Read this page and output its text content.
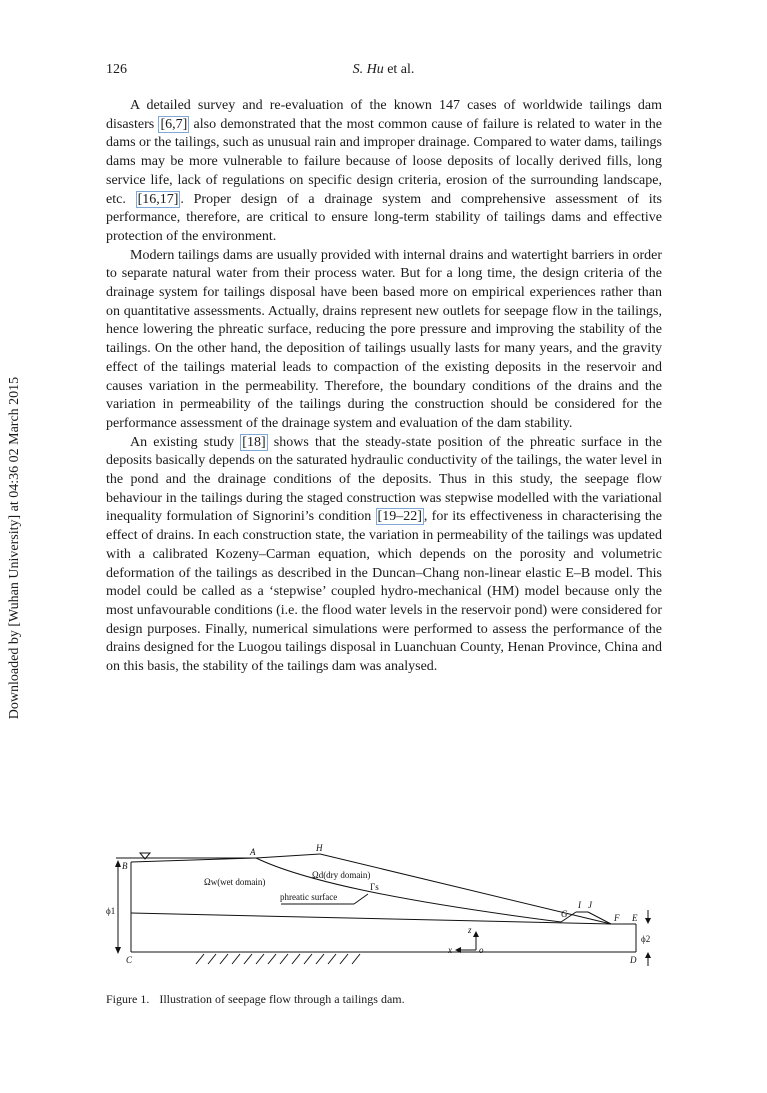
126	S. Hu et al.
Downloaded by [Wuhan University] at 04:36 02 March 2015

A detailed survey and re-evaluation of the known 147 cases of worldwide tailings dam disasters [6,7] also demonstrated that the most common cause of failure is related to water in the dams or the tailings, such as unusual rain and improper drainage. Compared to water dams, tailings dams may be more vulnerable to failure because of loose deposits of locally derived fills, long service life, lack of regulations on specific design criteria, erosion of the surrounding landscape, etc. [16,17] . Proper design of a drainage system and comprehensive assessment of its performance, therefore, are critical to ensure long-term stability of tailings dams and effective protection of the environment.

Modern tailings dams are usually provided with internal drains and watertight barriers in order to separate natural water from their process water. But for a long time, the design criteria of the drainage system for tailings disposal have been based more on empirical experiences rather than on quantitative assessments. Actually, drains represent new outlets for seepage flow in the tailings, hence lowering the phreatic surface, reducing the pore pressure and improving the stability of the tailings. On the other hand, the deposition of tailings usually lasts for many years, and the gravity effect of the tailings material leads to compaction of the existing deposits in the reservoir and causes variation in the permeability. Therefore, the boundary conditions of the drains and the variation in permeability of the tailings during the construction should be considered for the performance assessment of the drainage system and evaluation of the dam stability.

An existing study [18] shows that the steady-state position of the phreatic surface in the deposits basically depends on the saturated hydraulic conductivity of the tailings, the water level in the pond and the drainage conditions of the deposits. Thus in this study, the seepage flow behaviour in the tailings during the staged construction was stepwise modelled with the variational inequality formulation of Signorini’s condition [19–22] , for its effectiveness in characterising the effect of drains. In each construction state, the variation in permeability of the tailings was updated with a calibrated Kozeny–Carman equation, which depends on the porosity and volumetric deformation of the tailings as described in the Duncan–Chang non-linear elastic E–B model. This model could be called as a ‘stepwise’ coupled hydro-mechanical (HM) model because only the most unfavourable conditions (i.e. the flood water levels in the reservoir pond) were considered for design purposes. Finally, numerical simulations were performed to assess the performance of the drains designed for the Luogou tailings disposal in Luanchuan County, Henan Province, China and on this basis, the stability of the tailings dam was analysed.

A	H
B
C	D
E
F
G
I J
z
x	o
ϕ1
ϕ2
Ωw(wet domain)
Ωd(dry domain)
Γs
phreatic surface
Figure 1. Illustration of seepage flow through a tailings dam.
